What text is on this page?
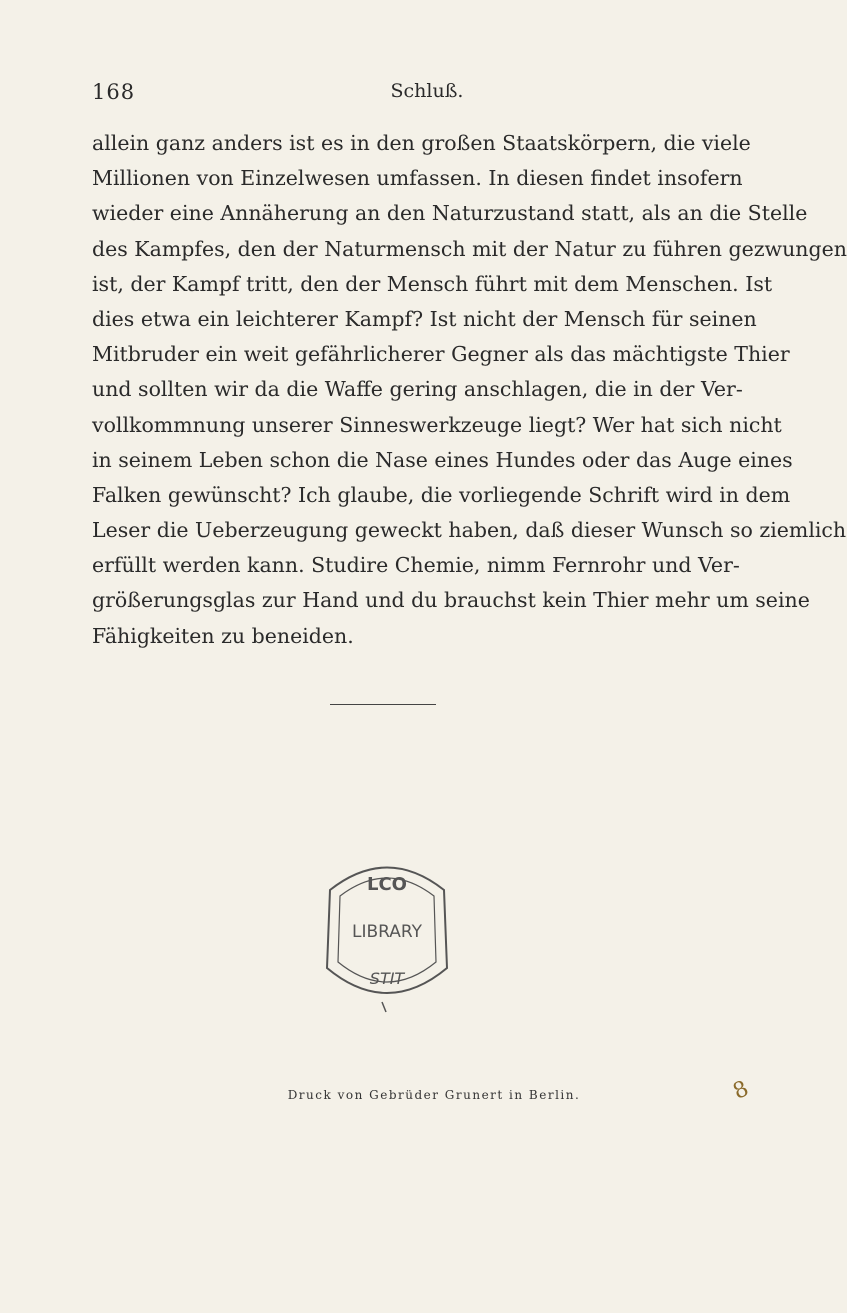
168	Schluß.
allein ganz anders ist es in den großen Staatskörpern, die viele
Millionen von Einzelwesen umfassen. In diesen findet insofern
wieder eine Annäherung an den Naturzustand statt, als an die Stelle
des Kampfes, den der Naturmensch mit der Natur zu führen gezwungen
ist, der Kampf tritt, den der Mensch führt mit dem Menschen. Ist
dies etwa ein leichterer Kampf? Ist nicht der Mensch für seinen
Mitbruder ein weit gefährlicherer Gegner als das mächtigste Thier
und sollten wir da die Waffe gering anschlagen, die in der Ver-
vollkommnung unserer Sinneswerkzeuge liegt? Wer hat sich nicht
in seinem Leben schon die Nase eines Hundes oder das Auge eines
Falken gewünscht? Ich glaube, die vorliegende Schrift wird in dem
Leser die Ueberzeugung geweckt haben, daß dieser Wunsch so ziemlich
erfüllt werden kann. Studire Chemie, nimm Fernrohr und Ver-
größerungsglas zur Hand und du brauchst kein Thier mehr um seine
Fähigkeiten zu beneiden.
LCO
LIBRARY
STIT
Druck von Gebrüder Grunert in Berlin.	8
